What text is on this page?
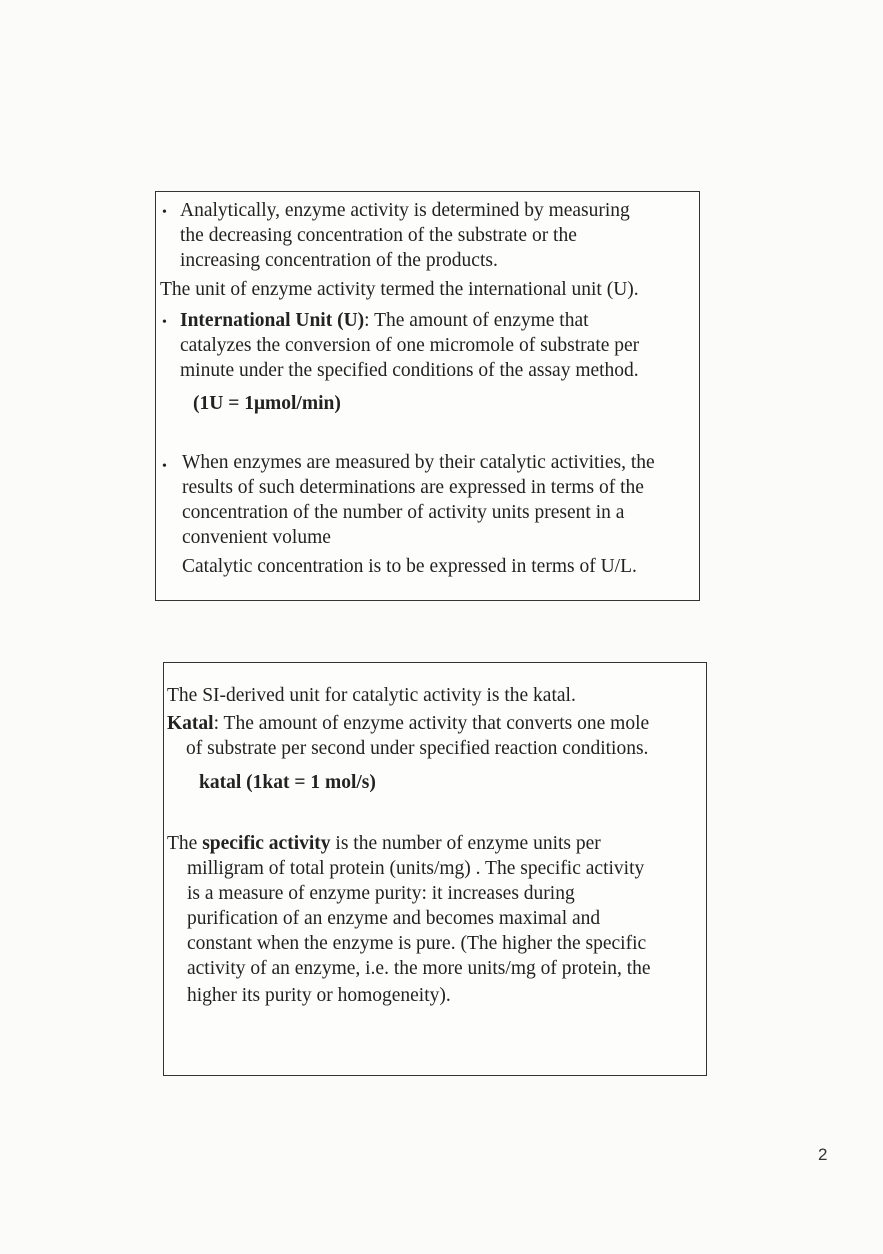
• Analytically, enzyme activity is determined by measuring

the decreasing concentration of the substrate or the

increasing concentration of the products.

The unit of enzyme activity termed the international unit (U).

• International Unit (U): The amount of enzyme that

catalyzes the conversion of one micromole of substrate per

minute under the specified conditions of the assay method.

(1U = 1μmol/min)

• When enzymes are measured by their catalytic activities, the

results of such determinations are expressed in terms of the

concentration of the number of activity units present in a

convenient volume

Catalytic concentration is to be expressed in terms of U/L.

The SI-derived unit for catalytic activity is the katal.

Katal: The amount of enzyme activity that converts one mole

of substrate per second under specified reaction conditions.

katal (1kat = 1 mol/s)

The specific activity is the number of enzyme units per

milligram of total protein (units/mg) . The specific activity

is a measure of enzyme purity: it increases during

purification of an enzyme and becomes maximal and

constant when the enzyme is pure. (The higher the specific

activity of an enzyme, i.e. the more units/mg of protein, the

higher its purity or homogeneity).

2
